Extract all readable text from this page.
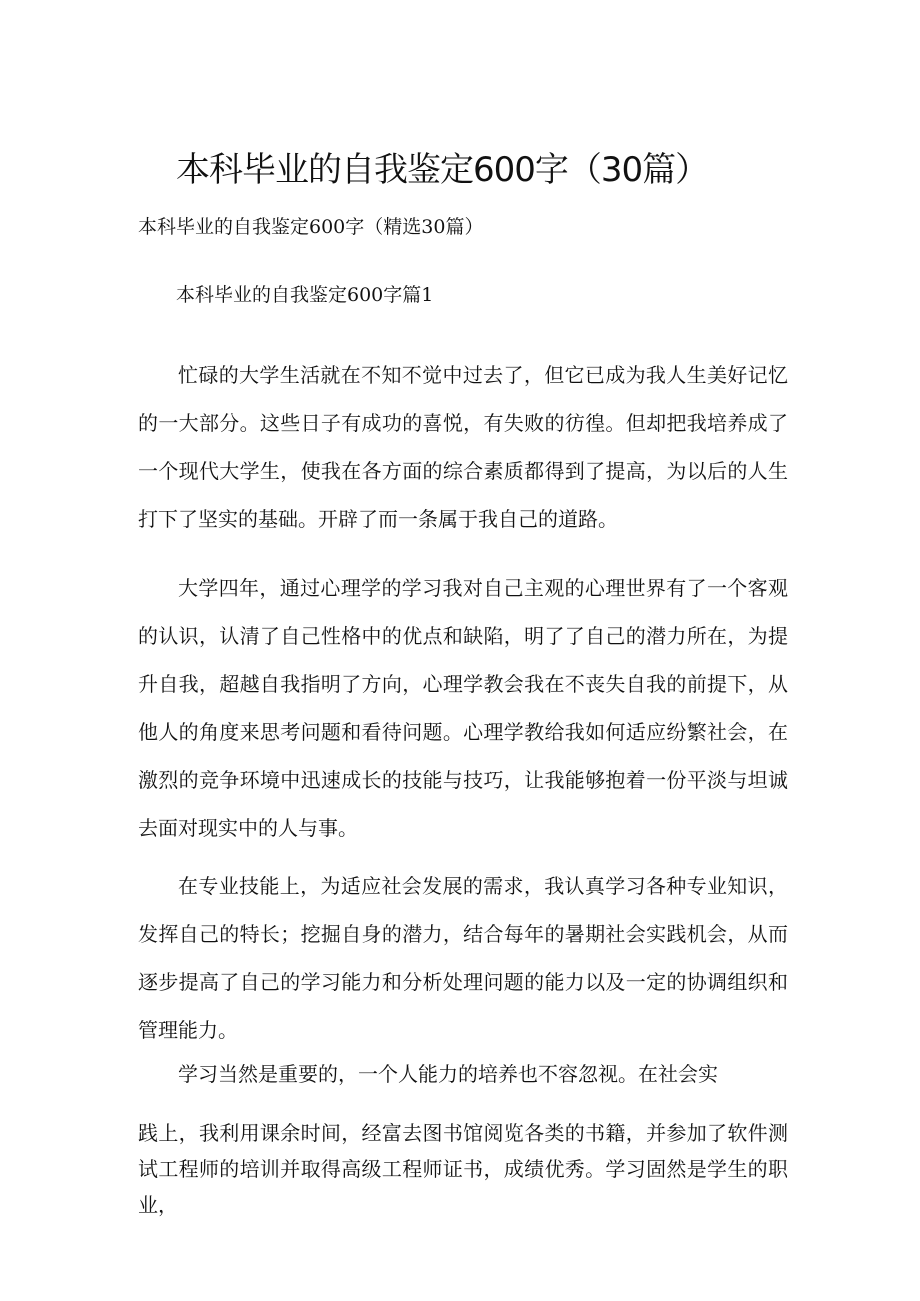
本科毕业的自我鉴定600字（30篇）
本科毕业的自我鉴定600字（精选30篇）
本科毕业的自我鉴定600字篇1

忙碌的大学生活就在不知不觉中过去了，但它已成为我人生美好记忆的一大部分。这些日子有成功的喜悦，有失败的彷徨。但却把我培养成了一个现代大学生，使我在各方面的综合素质都得到了提高，为以后的人生打下了坚实的基础。开辟了而一条属于我自己的道路。

大学四年，通过心理学的学习我对自己主观的心理世界有了一个客观的认识，认清了自己性格中的优点和缺陷，明了了自己的潜力所在，为提升自我，超越自我指明了方向，心理学教会我在不丧失自我的前提下，从他人的角度来思考问题和看待问题。心理学教给我如何适应纷繁社会，在激烈的竞争环境中迅速成长的技能与技巧，让我能够抱着一份平淡与坦诚去面对现实中的人与事。

在专业技能上，为适应社会发展的需求，我认真学习各种专业知识，发挥自己的特长；挖掘自身的潜力，结合每年的暑期社会实践机会，从而逐步提高了自己的学习能力和分析处理问题的能力以及一定的协调组织和管理能力。

学习当然是重要的，一个人能力的培养也不容忽视。在社会实
践上，我利用课余时间，经富去图书馆阅览各类的书籍，并参加了软件测试工程师的培训并取得高级工程师证书，成绩优秀。学习固然是学生的职业，
